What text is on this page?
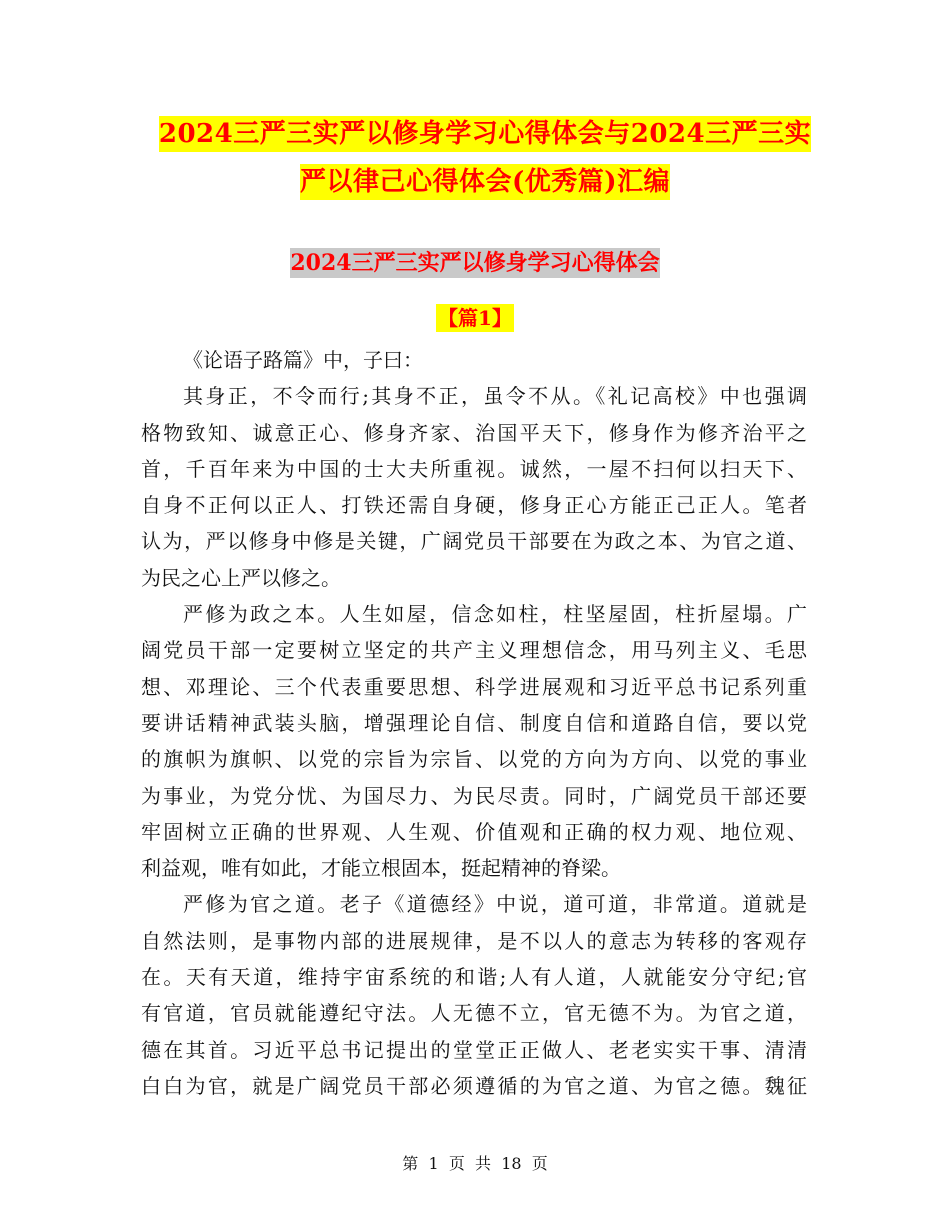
2024三严三实严以修身学习心得体会与2024三严三实
严以律己心得体会(优秀篇)汇编
2024三严三实严以修身学习心得体会
【篇1】
《论语子路篇》中，子曰：
其身正，不令而行;其身不正，虽令不从。《礼记高校》中也强调
格物致知、诚意正心、修身齐家、治国平天下，修身作为修齐治平之
首，千百年来为中国的士大夫所重视。诚然，一屋不扫何以扫天下、
自身不正何以正人、打铁还需自身硬，修身正心方能正己正人。笔者
认为，严以修身中修是关键，广阔党员干部要在为政之本、为官之道、
为民之心上严以修之。
严修为政之本。人生如屋，信念如柱，柱坚屋固，柱折屋塌。广
阔党员干部一定要树立坚定的共产主义理想信念，用马列主义、毛思
想、邓理论、三个代表重要思想、科学进展观和习近平总书记系列重
要讲话精神武装头脑，增强理论自信、制度自信和道路自信，要以党
的旗帜为旗帜、以党的宗旨为宗旨、以党的方向为方向、以党的事业
为事业，为党分忧、为国尽力、为民尽责。同时，广阔党员干部还要
牢固树立正确的世界观、人生观、价值观和正确的权力观、地位观、
利益观，唯有如此，才能立根固本，挺起精神的脊梁。
严修为官之道。老子《道德经》中说，道可道，非常道。道就是
自然法则，是事物内部的进展规律，是不以人的意志为转移的客观存
在。天有天道，维持宇宙系统的和谐;人有人道，人就能安分守纪;官
有官道，官员就能遵纪守法。人无德不立，官无德不为。为官之道，
德在其首。习近平总书记提出的堂堂正正做人、老老实实干事、清清
白白为官，就是广阔党员干部必须遵循的为官之道、为官之德。魏征
第 1 页 共 18 页
